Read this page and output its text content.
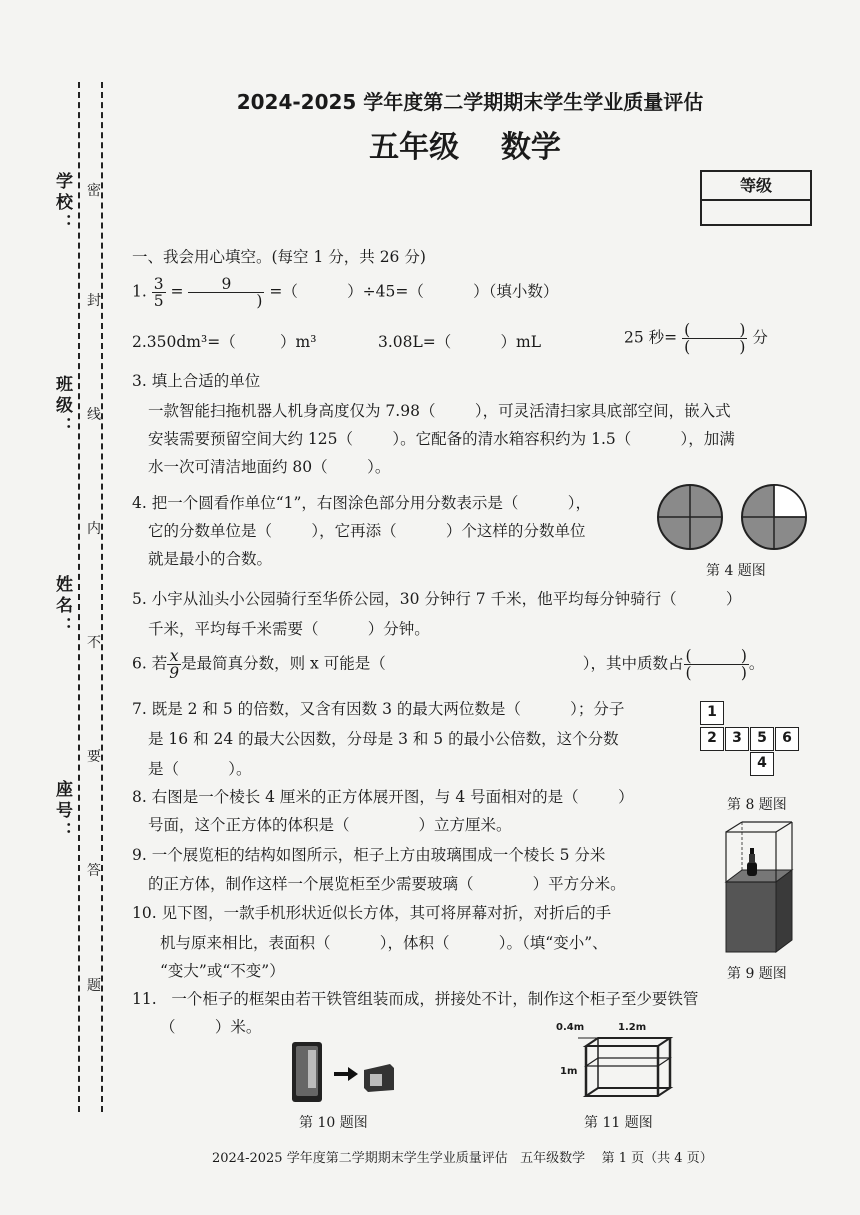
学校：
班级：
姓名：
座号：
密
封
线
内
不
要
答
题
2024-2025 学年度第二学期期末学生学业质量评估
五年级    数学
等级
一、我会用心填空。(每空 1 分，共 26 分)
1. $\frac{3}{5} = \frac{9}{)}$ =（          ）÷45=（          ）（填小数）
2.350dm³=（         ）m³	3.08L=（          ）mL	25 秒= $\frac{( )}{( )}$ 分
3. 填上合适的单位
一款智能扫拖机器人机身高度仅为 7.98（        ），可灵活清扫家具底部空间，嵌入式
安装需要预留空间大约 125（        ）。它配备的清水箱容积约为 1.5（          ），加满
水一次可清洁地面约 80（        ）。
4. 把一个圆看作单位“1”，右图涂色部分用分数表示是（          ），
它的分数单位是（        ），它再添（          ）个这样的分数单位
就是最小的合数。
第 4 题图
5. 小宇从汕头小公园骑行至华侨公园，30 分钟行 7 千米，他平均每分钟骑行（          ）
千米，平均每千米需要（          ）分钟。
6. 若 $\frac{x}{9}$ 是最简真分数，则 x 可能是（                                        ），其中质数占 $\frac{( )}{( )}$ 。
7. 既是 2 和 5 的倍数，又含有因数 3 的最大两位数是（          ）；分子
是 16 和 24 的最大公因数，分母是 3 和 5 的最小公倍数，这个分数
是（          ）。
1
2	3	5	6
4
第 8 题图
8. 右图是一个棱长 4 厘米的正方体展开图，与 4 号面相对的是（        ）
号面，这个正方体的体积是（              ）立方厘米。
9. 一个展览柜的结构如图所示，柜子上方由玻璃围成一个棱长 5 分米
的正方体，制作这样一个展览柜至少需要玻璃（            ）平方分米。
第 9 题图
10. 见下图，一款手机形状近似长方体，其可将屏幕对折，对折后的手
机与原来相比，表面积（          ），体积（          ）。（填“变小”、
“变大”或“不变”）
11.   一个柜子的框架由若干铁管组装而成，拼接处不计，制作这个柜子至少要铁管
（        ）米。
第 10 题图
0.4m	1.2m
1m
第 11 题图
2024-2025 学年度第二学期期末学生学业质量评估   五年级数学    第 1 页（共 4 页）
